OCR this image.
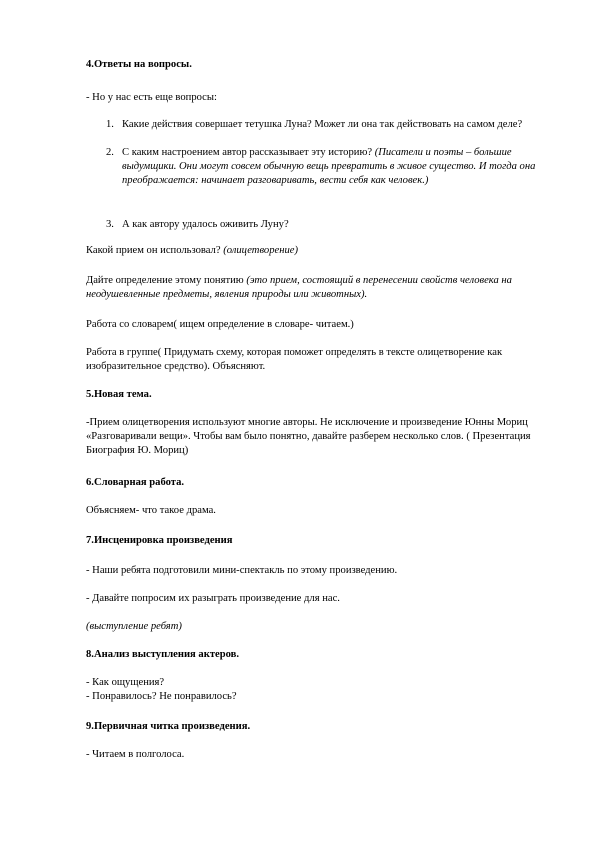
4.Ответы на вопросы.

- Но у нас есть еще вопросы:

1. Какие действия совершает тетушка Луна? Может ли она так действовать на самом деле?

2. С каким настроением автор рассказывает эту историю? (Писатели и поэты – большие выдумщики. Они могут совсем обычную вещь превратить в живое существо. И тогда она преображается: начинает разговаривать, вести себя как человек.)

3. А как автору удалось оживить Луну?

Какой прием он использовал? (олицетворение)

Дайте определение этому понятию (это прием, состоящий в перенесении свойств человека на неодушевленные предметы, явления природы или животных).

Работа со словарем( ищем определение в словаре- читаем.)

Работа в группе( Придумать схему, которая поможет определять в тексте олицетворение как изобразительное средство). Объясняют.

5.Новая тема.

-Прием олицетворения используют многие авторы. Не исключение и произведение Юнны Мориц «Разговаривали вещи». Чтобы вам было понятно, давайте разберем несколько слов. ( Презентация Биография Ю. Мориц)

6.Словарная работа.

Объясняем- что такое драма.

7.Инсценировка произведения

- Наши ребята подготовили мини-спектакль по этому произведению.

- Давайте попросим их разыграть произведение для нас.

(выступление ребят)

8.Анализ выступления актеров.

- Как ощущения?

- Понравилось? Не понравилось?

9.Первичная читка произведения.

- Читаем в полголоса.
